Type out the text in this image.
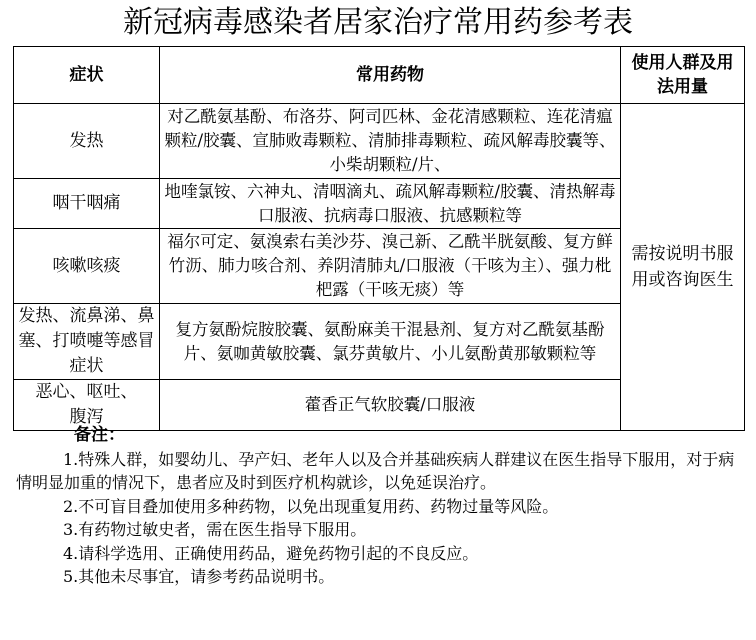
新冠病毒感染者居家治疗常用药参考表
症状	常用药物	使用人群及用法用量
发热	对乙酰氨基酚、布洛芬、阿司匹林、金花清感颗粒、连花清瘟颗粒/胶囊、宣肺败毒颗粒、清肺排毒颗粒、疏风解毒胶囊等、小柴胡颗粒/片、	需按说明书服用或咨询医生
咽干咽痛	地喹氯铵、六神丸、清咽滴丸、疏风解毒颗粒/胶囊、清热解毒口服液、抗病毒口服液、抗感颗粒等	
咳嗽咳痰	福尔可定、氨溴索右美沙芬、溴己新、乙酰半胱氨酸、复方鲜竹沥、肺力咳合剂、养阴清肺丸/口服液（干咳为主）、强力枇杷露（干咳无痰）等	
发热、流鼻涕、鼻塞、打喷嚏等感冒症状	复方氨酚烷胺胶囊、氨酚麻美干混悬剂、复方对乙酰氨基酚片、氨咖黄敏胶囊、氯芬黄敏片、小儿氨酚黄那敏颗粒等	
恶心、呕吐、腹泻	藿香正气软胶囊/口服液	
备注：
1.特殊人群，如婴幼儿、孕产妇、老年人以及合并基础疾病人群建议在医生指导下服用，对于病情明显加重的情况下，患者应及时到医疗机构就诊，以免延误治疗。
2.不可盲目叠加使用多种药物，以免出现重复用药、药物过量等风险。
3.有药物过敏史者，需在医生指导下服用。
4.请科学选用、正确使用药品，避免药物引起的不良反应。
5.其他未尽事宜，请参考药品说明书。
